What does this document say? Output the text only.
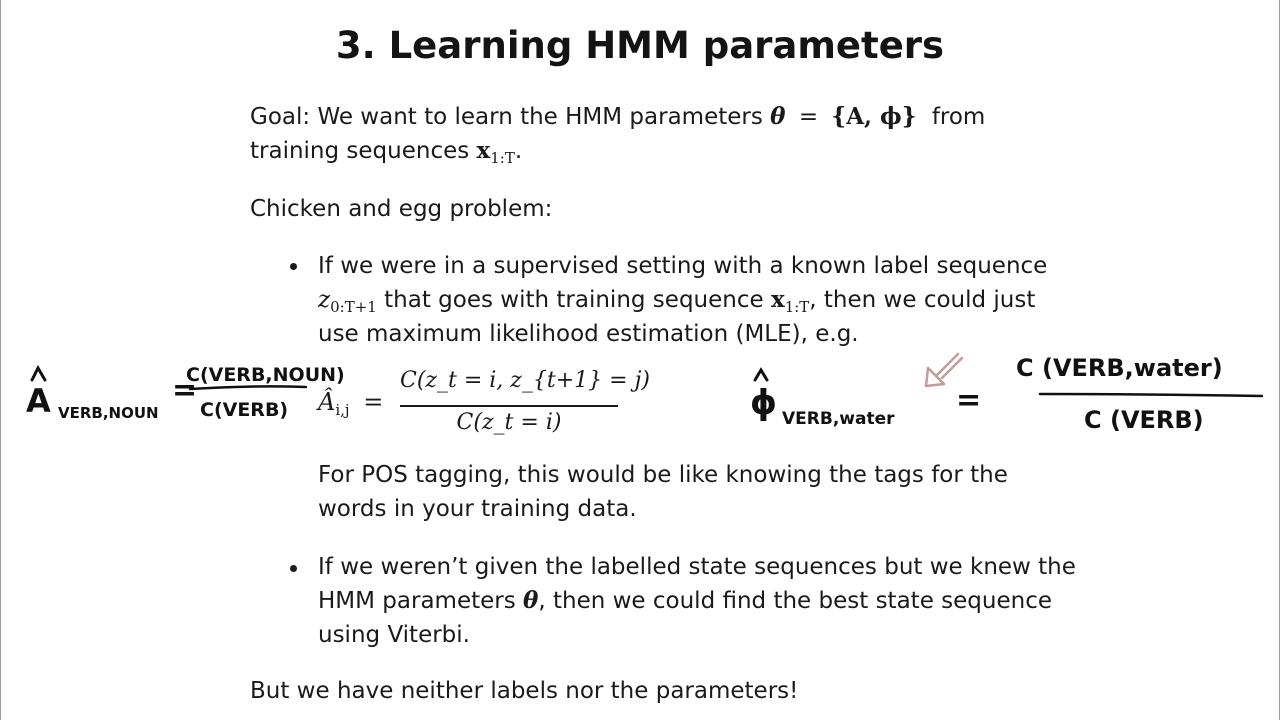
3. Learning HMM parameters
Goal: We want to learn the HMM parameters θ = {A, ϕ} from
training sequences $x_{1:T}$.
Chicken and egg problem:
If we were in a supervised setting with a known label sequence
$z_{0:T+1}$ that goes with training sequence $x_{1:T}$, then we could just
use maximum likelihood estimation (MLE), e.g.
$Â_{i,j}$ =
C(z_t = i, z_{t+1} = j)
C(z_t = i)
For POS tagging, this would be like knowing the tags for the
words in your training data.
If we weren’t given the labelled state sequences but we knew the
HMM parameters θ, then we could find the best state sequence
using Viterbi.
But we have neither labels nor the parameters!
A VERB,NOUN
=
C(VERB,NOUN)
C(VERB)	ϕ VERB,water
=
C (VERB,water)
C (VERB)
